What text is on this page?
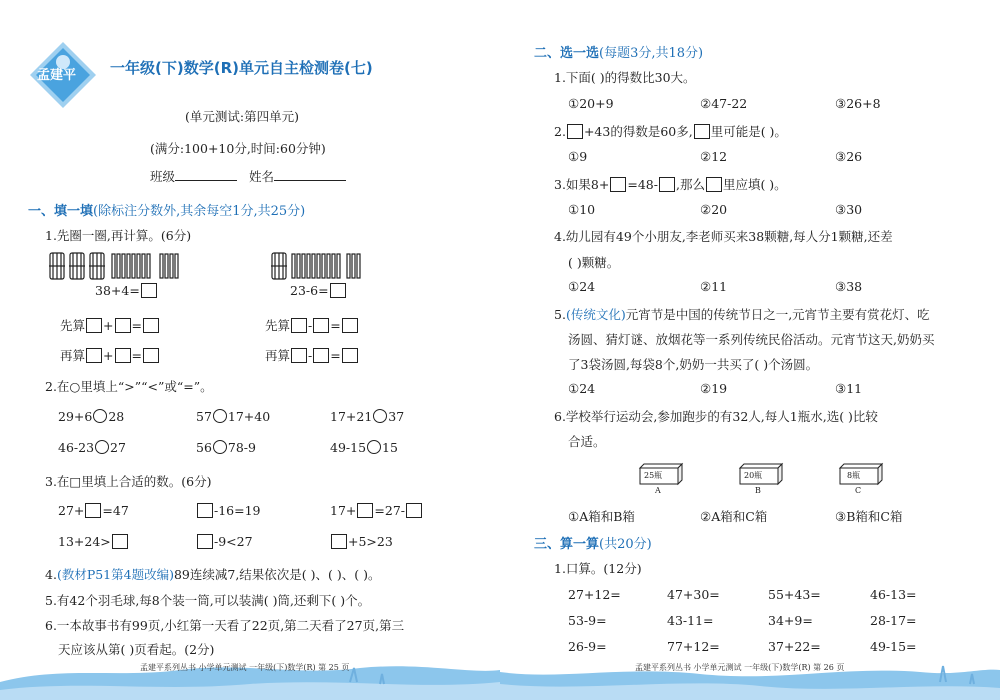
孟建平 一年级(下)数学(R)单元自主检测卷(七)
(单元测试:第四单元)
(满分:100+10分,时间:60分钟)
班级	姓名
一、填一填(除标注分数外,其余每空1分,共25分)
1.先圈一圈,再计算。(6分)
38+4=	23-6=
先算 + =	先算 - =
再算 + =	再算 - =
2.在○里填上“>”“<”或“=”。
29+6 28	57 17+40	17+21 37
46-23 27	56 78-9	49-15 15
3.在□里填上合适的数。(6分)
27+ =47	-16=19	17+ =27-
13+24>	-9<27	+5>23
4.(教材P51第4题改编)89连续减7,结果依次是( )、( )、( )。
5.有42个羽毛球,每8个装一筒,可以装满( )筒,还剩下( )个。
6.一本故事书有99页,小红第一天看了22页,第二天看了27页,第三
天应该从第( )页看起。(2分)
孟建平系列丛书 小学单元测试 一年级(下)数学(R) 第 25 页
二、选一选(每题3分,共18分)
1.下面( )的得数比30大。
①20+9	②47-22	③26+8
2. +43的得数是60多, 里可能是( )。
①9	②12	③26
3.如果8+ =48- ,那么 里应填( )。
①10	②20	③30
4.幼儿园有49个小朋友,李老师买来38颗糖,每人分1颗糖,还差
( )颗糖。
①24	②11	③38
5.(传统文化)元宵节是中国的传统节日之一,元宵节主要有赏花灯、吃
汤圆、猜灯谜、放烟花等一系列传统民俗活动。元宵节这天,奶奶买
了3袋汤圆,每袋8个,奶奶一共买了( )个汤圆。
①24	②19	③11
6.学校举行运动会,参加跑步的有32人,每人1瓶水,选( )比较
合适。
25瓶
A
20瓶
B
8瓶
C
①A箱和B箱	②A箱和C箱	③B箱和C箱
三、算一算(共20分)
1.口算。(12分)
27+12=	47+30=	55+43=	46-13=
53-9=	43-11=	34+9=	28-17=
26-9=	77+12=	37+22=	49-15=
孟建平系列丛书 小学单元测试 一年级(下)数学(R) 第 26 页
